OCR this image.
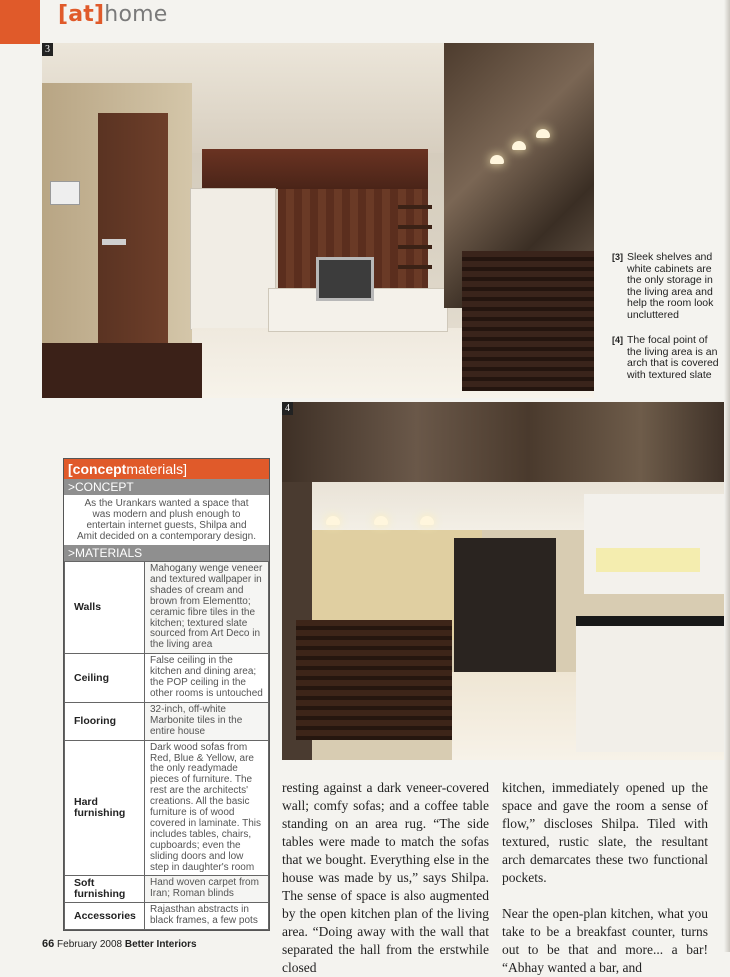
[at]home
3
[3] Sleek shelves and white cabinets are the only storage in the living area and help the room look uncluttered
[4] The focal point of the living area is an arch that is covered with textured slate
4
[conceptmaterials]
>CONCEPT
As the Urankars wanted a space that was modern and plush enough to entertain internet guests, Shilpa and Amit decided on a contemporary design.
>MATERIALS
Walls	Mahogany wenge veneer and textured wallpaper in shades of cream and brown from Elementto; ceramic fibre tiles in the kitchen; textured slate sourced from Art Deco in the living area
Ceiling	False ceiling in the kitchen and dining area; the POP ceiling in the other rooms is untouched
Flooring	32-inch, off-white Marbonite tiles in the entire house
Hard furnishing	Dark wood sofas from Red, Blue & Yellow, are the only readymade pieces of furniture. The rest are the architects' creations. All the basic furniture is of wood covered in laminate. This includes tables, chairs, cupboards; even the sliding doors and low step in daughter's room
Soft furnishing	Hand woven carpet from Iran; Roman blinds
Accessories	Rajasthan abstracts in black frames, a few pots
resting against a dark veneer-covered wall; comfy sofas; and a coffee table standing on an area rug. “The side tables were made to match the sofas that we bought. Everything else in the house was made by us,” says Shilpa. The sense of space is also augmented by the open kitchen plan of the living area. “Doing away with the wall that separated the hall from the erstwhile closed
kitchen, immediately opened up the space and gave the room a sense of flow,” discloses Shilpa. Tiled with textured, rustic slate, the resultant arch demarcates these two functional pockets.
Near the open-plan kitchen, what you take to be a breakfast counter, turns out to be that and more... a bar! “Abhay wanted a bar, and
66 February 2008 Better Interiors
